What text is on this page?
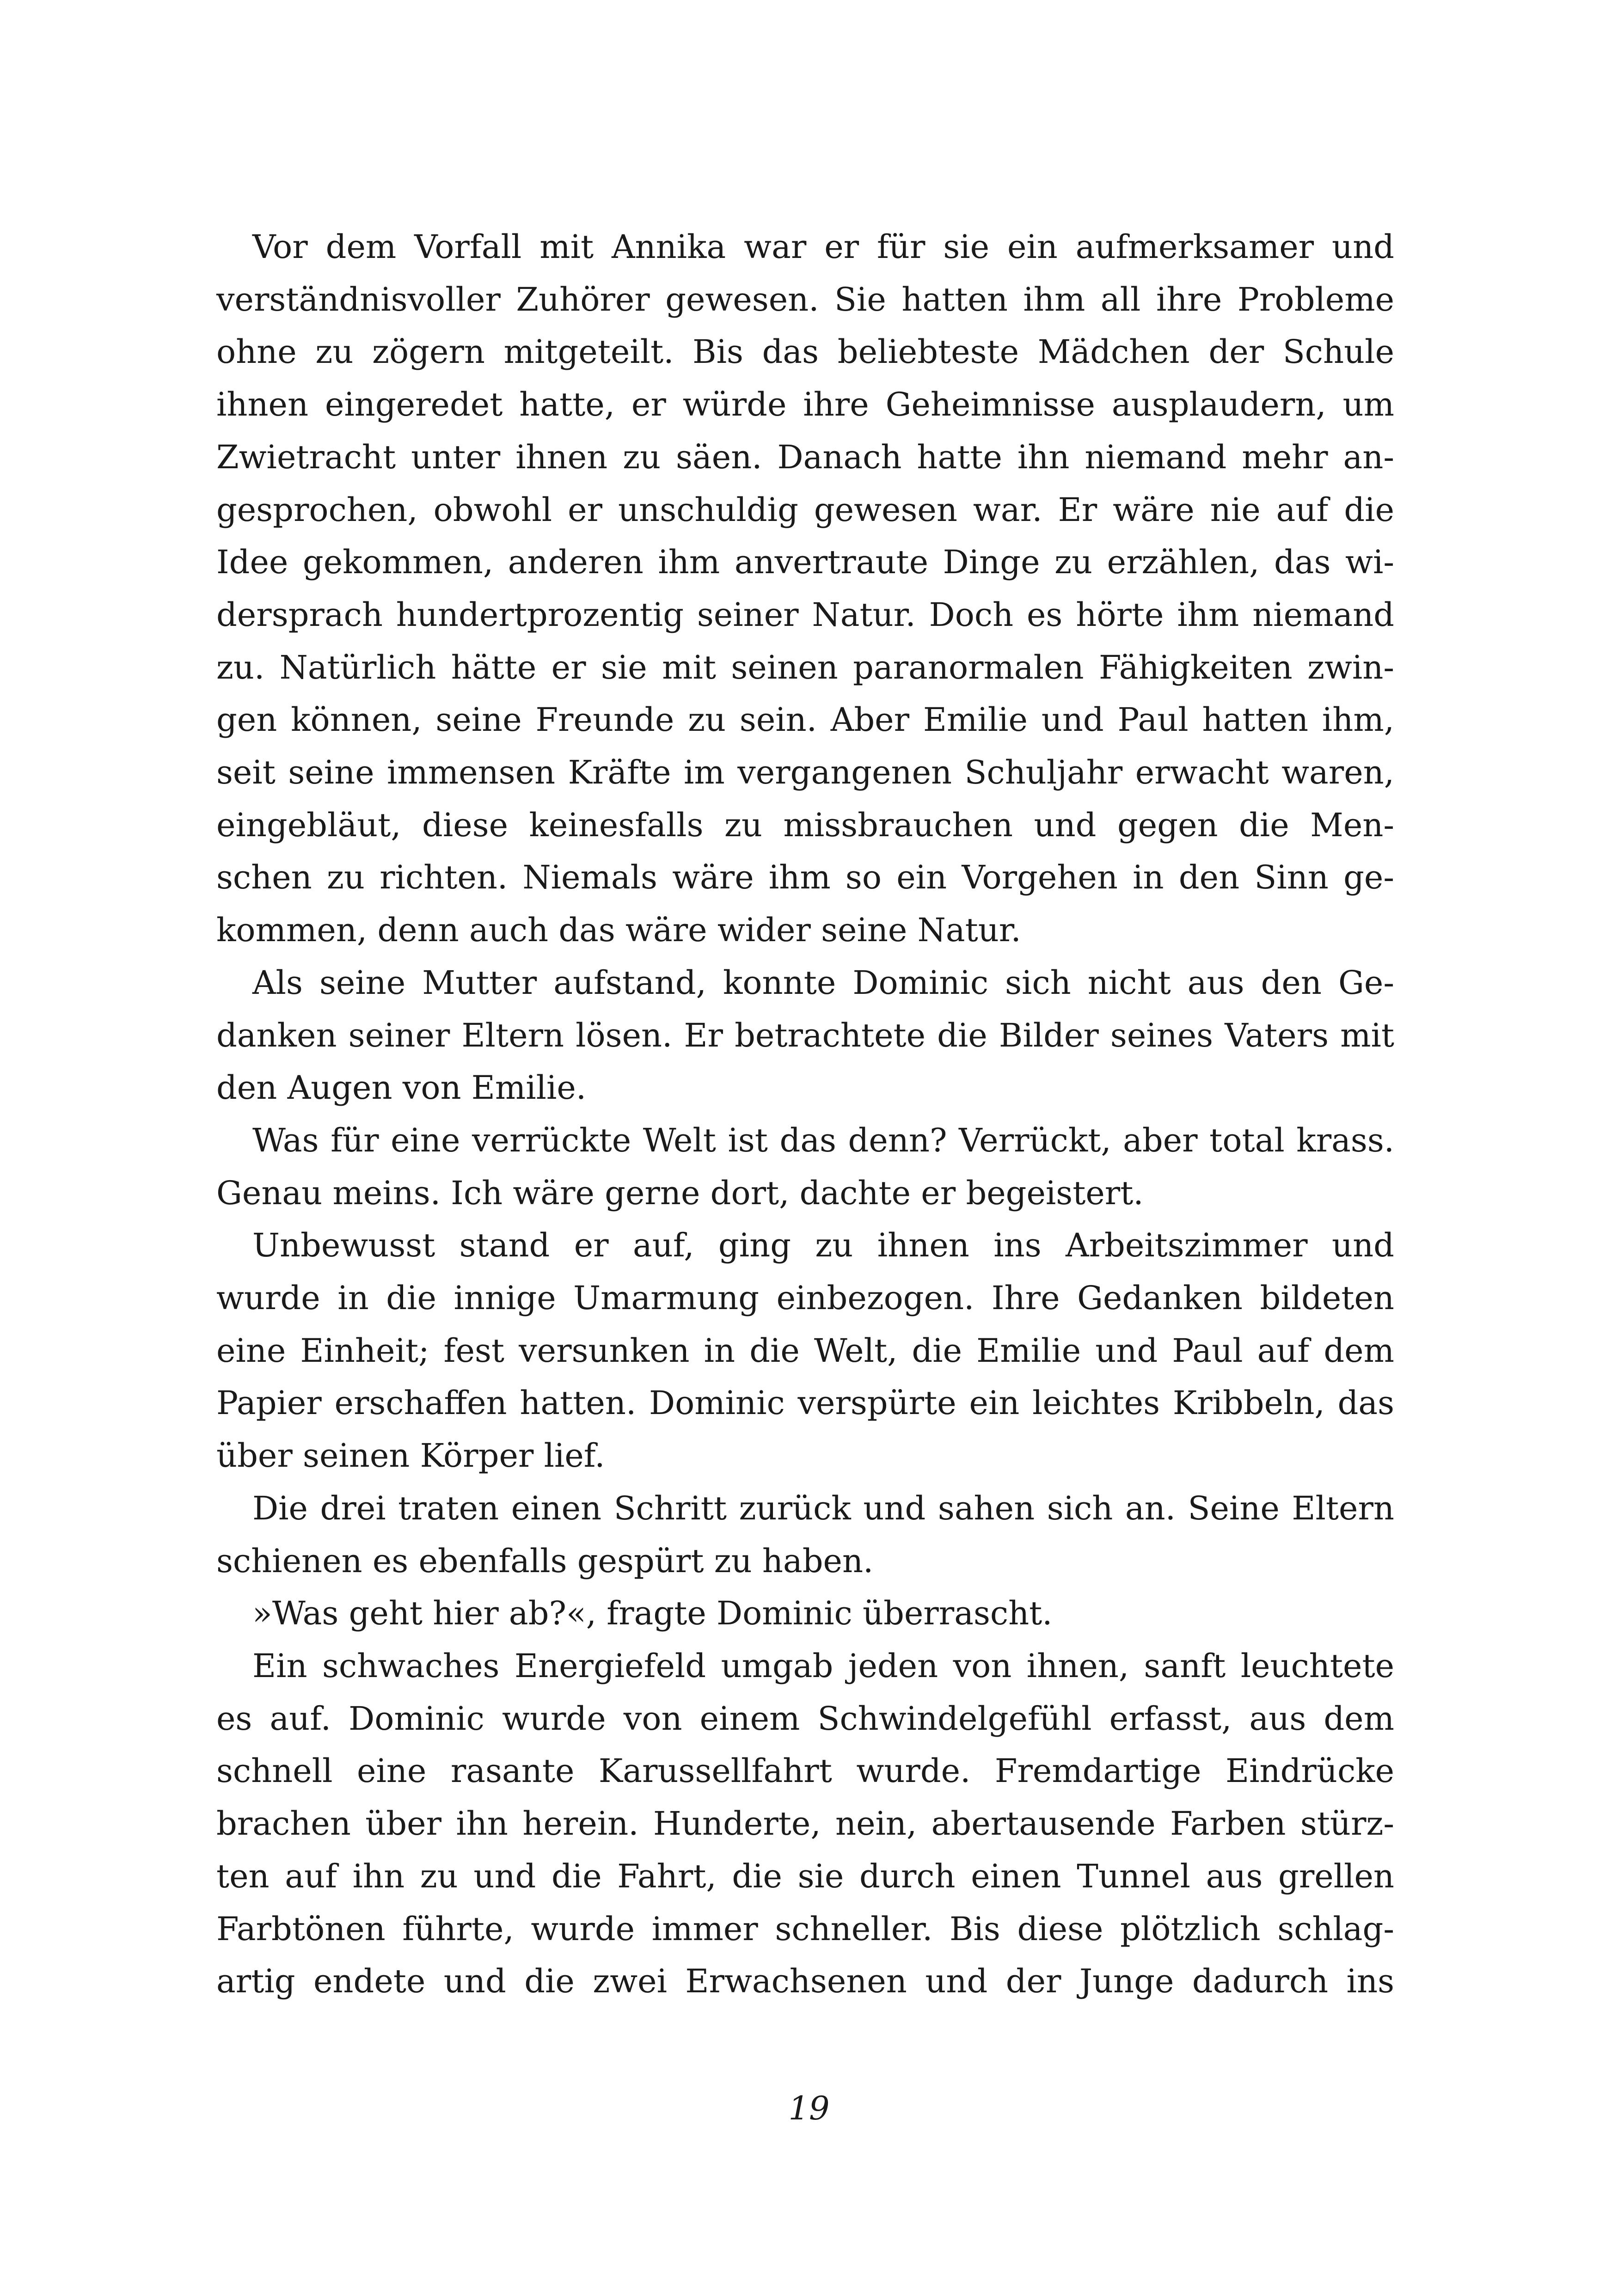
Vor dem Vorfall mit Annika war er für sie ein aufmerksamer und
verständnisvoller Zuhörer gewesen. Sie hatten ihm all ihre Probleme
ohne zu zögern mitgeteilt. Bis das beliebteste Mädchen der Schule
ihnen eingeredet hatte, er würde ihre Geheimnisse ausplaudern, um
Zwietracht unter ihnen zu säen. Danach hatte ihn niemand mehr an-
gesprochen, obwohl er unschuldig gewesen war. Er wäre nie auf die
Idee gekommen, anderen ihm anvertraute Dinge zu erzählen, das wi-
dersprach hundertprozentig seiner Natur. Doch es hörte ihm niemand
zu. Natürlich hätte er sie mit seinen paranormalen Fähigkeiten zwin-
gen können, seine Freunde zu sein. Aber Emilie und Paul hatten ihm,
seit seine immensen Kräfte im vergangenen Schuljahr erwacht waren,
eingebläut, diese keinesfalls zu missbrauchen und gegen die Men-
schen zu richten. Niemals wäre ihm so ein Vorgehen in den Sinn ge-
kommen, denn auch das wäre wider seine Natur.
Als seine Mutter aufstand, konnte Dominic sich nicht aus den Ge-
danken seiner Eltern lösen. Er betrachtete die Bilder seines Vaters mit
den Augen von Emilie.
Was für eine verrückte Welt ist das denn? Verrückt, aber total krass.
Genau meins. Ich wäre gerne dort, dachte er begeistert.
Unbewusst stand er auf, ging zu ihnen ins Arbeitszimmer und
wurde in die innige Umarmung einbezogen. Ihre Gedanken bildeten
eine Einheit; fest versunken in die Welt, die Emilie und Paul auf dem
Papier erschaffen hatten. Dominic verspürte ein leichtes Kribbeln, das
über seinen Körper lief.
Die drei traten einen Schritt zurück und sahen sich an. Seine Eltern
schienen es ebenfalls gespürt zu haben.
»Was geht hier ab?«, fragte Dominic überrascht.
Ein schwaches Energiefeld umgab jeden von ihnen, sanft leuchtete
es auf. Dominic wurde von einem Schwindelgefühl erfasst, aus dem
schnell eine rasante Karussellfahrt wurde. Fremdartige Eindrücke
brachen über ihn herein. Hunderte, nein, abertausende Farben stürz-
ten auf ihn zu und die Fahrt, die sie durch einen Tunnel aus grellen
Farbtönen führte, wurde immer schneller. Bis diese plötzlich schlag-
artig endete und die zwei Erwachsenen und der Junge dadurch ins
19
